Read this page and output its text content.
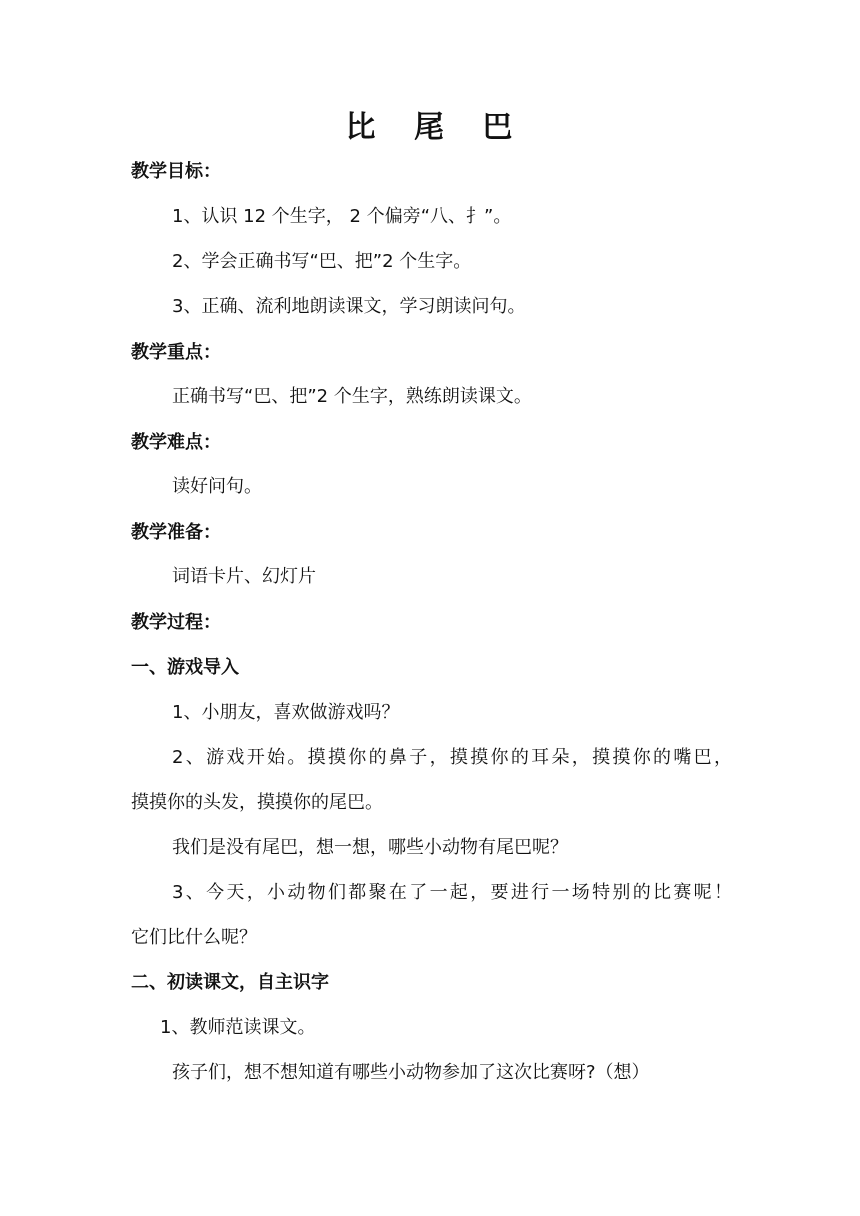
比 尾 巴
教学目标：
1、认识 12 个生字， 2 个偏旁“八、扌”。
2、学会正确书写“巴、把”2 个生字。
3、正确、流利地朗读课文，学习朗读问句。
教学重点：
正确书写“巴、把”2 个生字，熟练朗读课文。
教学难点：
读好问句。
教学准备：
词语卡片、幻灯片
教学过程：
一、游戏导入
1、小朋友，喜欢做游戏吗？
2、游戏开始。摸摸你的鼻子，摸摸你的耳朵，摸摸你的嘴巴，
摸摸你的头发，摸摸你的尾巴。
我们是没有尾巴，想一想，哪些小动物有尾巴呢？
3、今天，小动物们都聚在了一起，要进行一场特别的比赛呢！
它们比什么呢？
二、初读课文，自主识字
1、教师范读课文。
孩子们，想不想知道有哪些小动物参加了这次比赛呀?（想）
